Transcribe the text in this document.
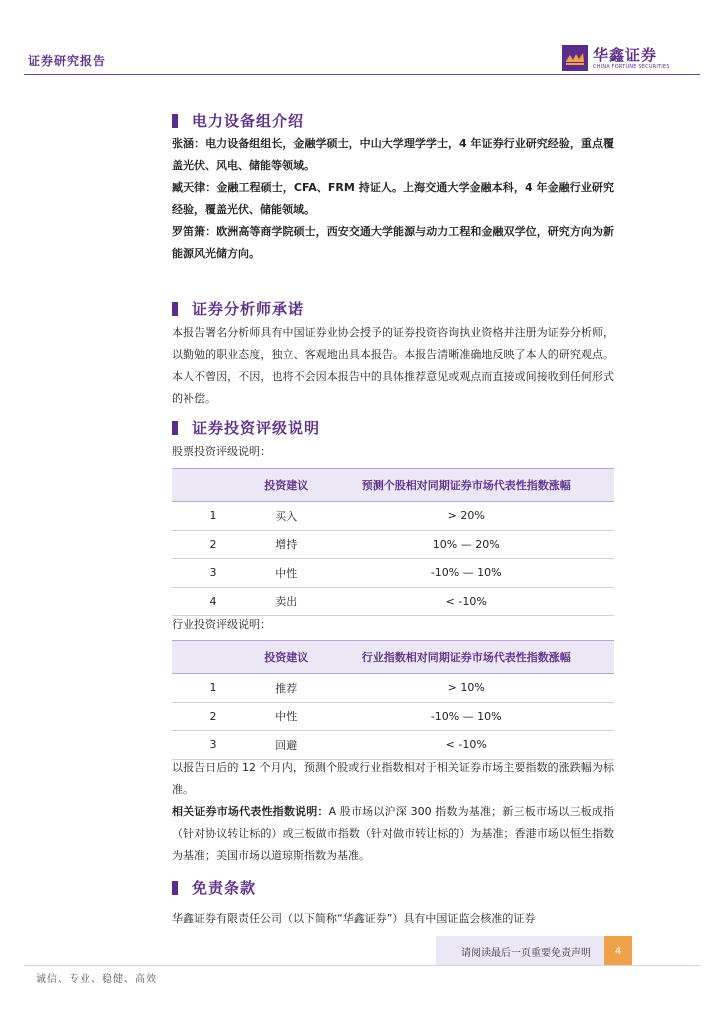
证券研究报告	华鑫证券
CHINA FORTUNE SECURITIES
电力设备组介绍
张涵：电力设备组组长，金融学硕士，中山大学理学学士，4 年证券行业研究经验，重点覆盖光伏、风电、储能等领域。
臧天律：金融工程硕士，CFA、FRM 持证人。上海交通大学金融本科，4 年金融行业研究经验，覆盖光伏、储能领域。
罗笛箫：欧洲高等商学院硕士，西安交通大学能源与动力工程和金融双学位，研究方向为新能源风光储方向。
证券分析师承诺
本报告署名分析师具有中国证券业协会授予的证券投资咨询执业资格并注册为证券分析师，以勤勉的职业态度，独立、客观地出具本报告。本报告清晰准确地反映了本人的研究观点。本人不曾因，不因，也将不会因本报告中的具体推荐意见或观点而直接或间接收到任何形式的补偿。
证券投资评级说明
股票投资评级说明：
	投资建议	预测个股相对同期证券市场代表性指数涨幅
1	买入	> 20%
2	增持	10% — 20%
3	中性	-10% — 10%
4	卖出	< -10%
行业投资评级说明：
	投资建议	行业指数相对同期证券市场代表性指数涨幅
1	推荐	> 10%
2	中性	-10% — 10%
3	回避	< -10%
以报告日后的 12 个月内，预测个股或行业指数相对于相关证券市场主要指数的涨跌幅为标准。
相关证券市场代表性指数说明：A 股市场以沪深 300 指数为基准；新三板市场以三板成指（针对协议转让标的）或三板做市指数（针对做市转让标的）为基准；香港市场以恒生指数为基准；美国市场以道琼斯指数为基准。
免责条款
华鑫证券有限责任公司（以下简称“华鑫证券”）具有中国证监会核准的证券
请阅读最后一页重要免责声明	4
诚信、专业、稳健、高效
